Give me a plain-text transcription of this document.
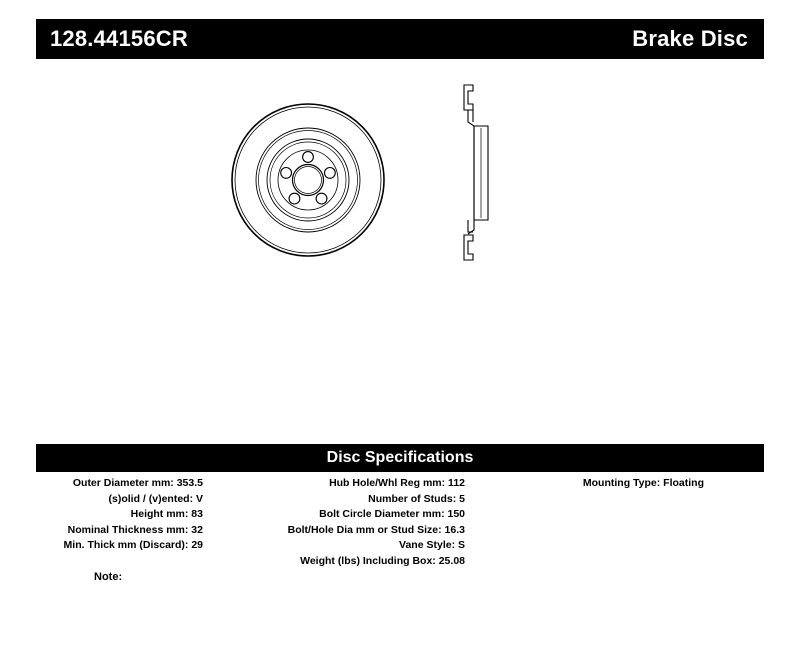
128.44156CR	Brake Disc
Disc Specifications
Outer Diameter mm: 353.5
(s)olid / (v)ented: V
Height mm: 83
Nominal Thickness mm: 32
Min. Thick mm (Discard): 29
Hub Hole/Whl Reg mm: 112
Number of Studs: 5
Bolt Circle Diameter mm: 150
Bolt/Hole Dia mm or Stud Size: 16.3
Vane Style: S
Weight (lbs) Including Box: 25.08
Mounting Type: Floating
Note:
